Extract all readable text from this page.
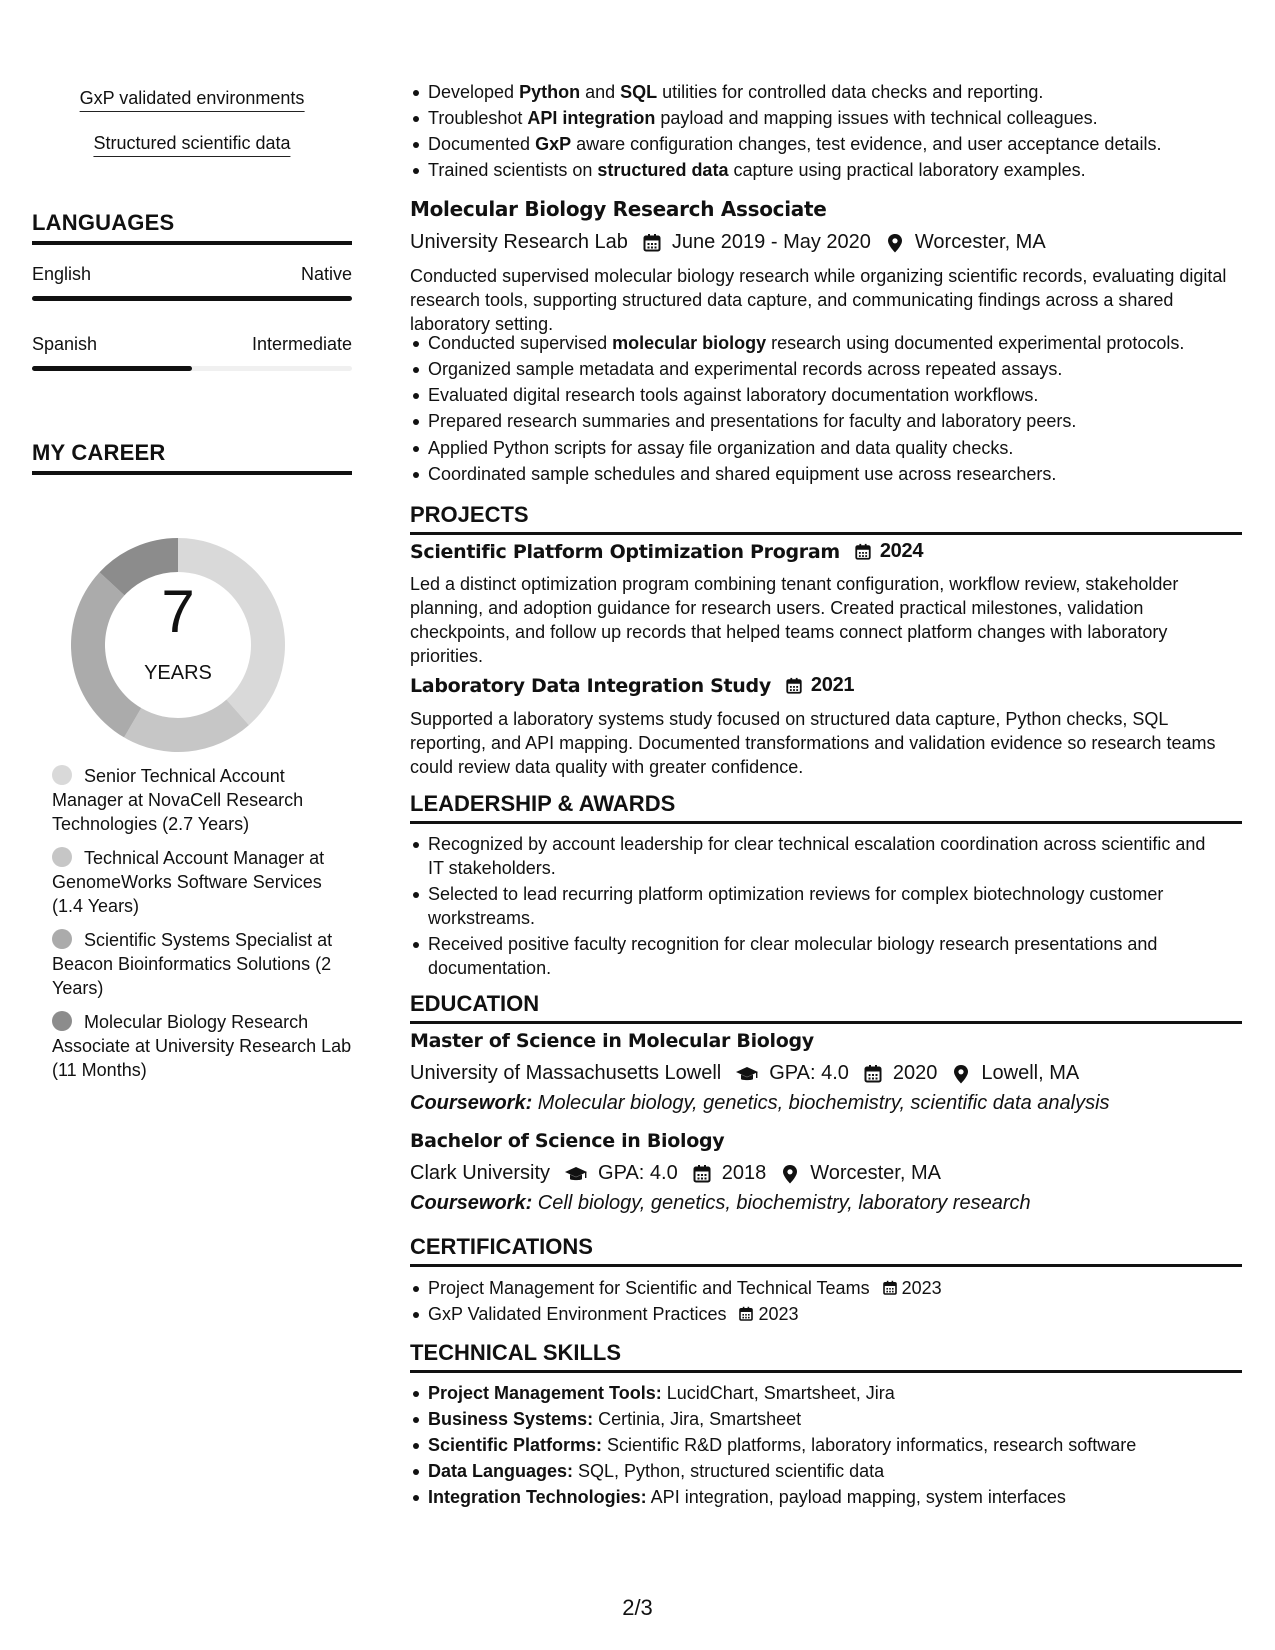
GxP validated environments
Structured scientific data
LANGUAGES
English	Native
Spanish	Intermediate
MY CAREER
7
YEARS
Senior Technical Account Manager at NovaCell Research Technologies (2.7 Years)
Technical Account Manager at GenomeWorks Software Services (1.4 Years)
Scientific Systems Specialist at Beacon Bioinformatics Solutions (2 Years)
Molecular Biology Research Associate at University Research Lab (11 Months)
Developed Python and SQL utilities for controlled data checks and reporting.
Troubleshot API integration payload and mapping issues with technical colleagues.
Documented GxP aware configuration changes, test evidence, and user acceptance details.
Trained scientists on structured data capture using practical laboratory examples.
Molecular Biology Research Associate
University Research Lab June 2019 - May 2020 Worcester, MA
Conducted supervised molecular biology research while organizing scientific records, evaluating digital research tools, supporting structured data capture, and communicating findings across a shared laboratory setting.
Conducted supervised molecular biology research using documented experimental protocols.
Organized sample metadata and experimental records across repeated assays.
Evaluated digital research tools against laboratory documentation workflows.
Prepared research summaries and presentations for faculty and laboratory peers.
Applied Python scripts for assay file organization and data quality checks.
Coordinated sample schedules and shared equipment use across researchers.
PROJECTS
Scientific Platform Optimization Program 2024
Led a distinct optimization program combining tenant configuration, workflow review, stakeholder planning, and adoption guidance for research users. Created practical milestones, validation checkpoints, and follow up records that helped teams connect platform changes with laboratory priorities.
Laboratory Data Integration Study 2021
Supported a laboratory systems study focused on structured data capture, Python checks, SQL reporting, and API mapping. Documented transformations and validation evidence so research teams could review data quality with greater confidence.
LEADERSHIP & AWARDS
Recognized by account leadership for clear technical escalation coordination across scientific and IT stakeholders.
Selected to lead recurring platform optimization reviews for complex biotechnology customer workstreams.
Received positive faculty recognition for clear molecular biology research presentations and documentation.
EDUCATION
Master of Science in Molecular Biology
University of Massachusetts Lowell GPA: 4.0 2020 Lowell, MA
Coursework: Molecular biology, genetics, biochemistry, scientific data analysis
Bachelor of Science in Biology
Clark University GPA: 4.0 2018 Worcester, MA
Coursework: Cell biology, genetics, biochemistry, laboratory research
CERTIFICATIONS
Project Management for Scientific and Technical Teams 2023
GxP Validated Environment Practices 2023
TECHNICAL SKILLS
Project Management Tools: LucidChart, Smartsheet, Jira
Business Systems: Certinia, Jira, Smartsheet
Scientific Platforms: Scientific R&D platforms, laboratory informatics, research software
Data Languages: SQL, Python, structured scientific data
Integration Technologies: API integration, payload mapping, system interfaces
2/3
